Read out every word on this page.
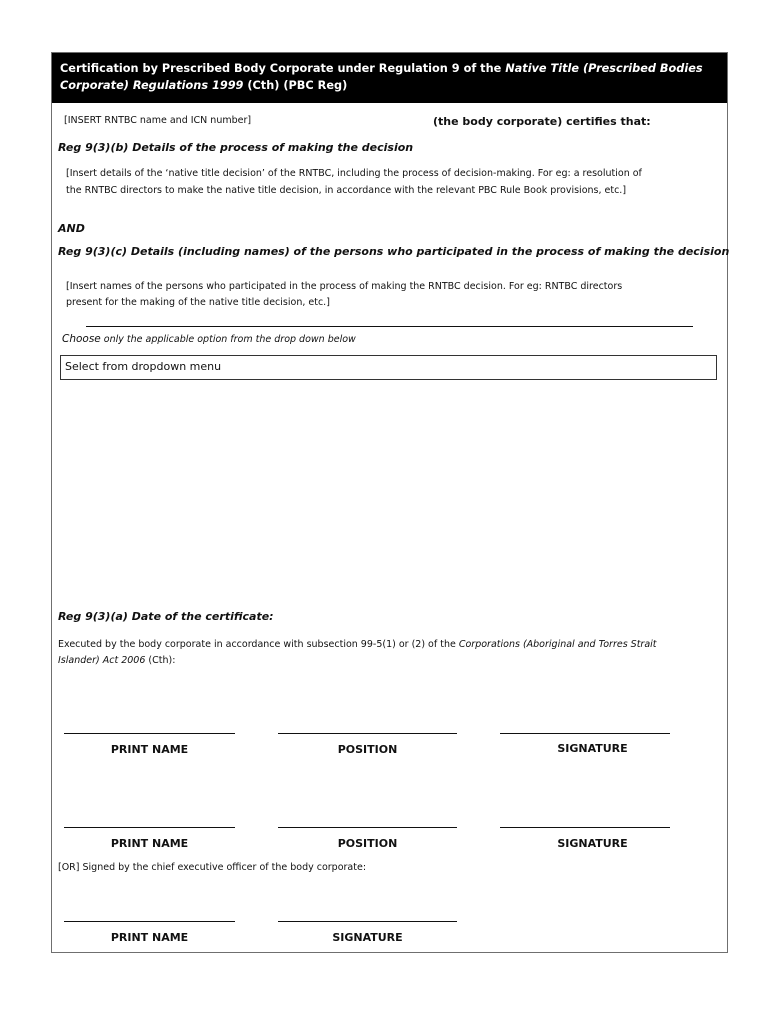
Certification by Prescribed Body Corporate under Regulation 9 of the Native Title (Prescribed Bodies
Corporate) Regulations 1999 (Cth) (PBC Reg)
[INSERT RNTBC name and ICN number]	(the body corporate) certifies that:
Reg 9(3)(b) Details of the process of making the decision
[Insert details of the ‘native title decision’ of the RNTBC, including the process of decision-making. For eg: a resolution of
the RNTBC directors to make the native title decision, in accordance with the relevant PBC Rule Book provisions, etc.]
AND
Reg 9(3)(c) Details (including names) of the persons who participated in the process of making the decision
[Insert names of the persons who participated in the process of making the RNTBC decision. For eg: RNTBC directors
present for the making of the native title decision, etc.]
Choose only the applicable option from the drop down below
Select from dropdown menu
Reg 9(3)(a) Date of the certificate:
Executed by the body corporate in accordance with subsection 99-5(1) or (2) of the Corporations (Aboriginal and Torres Strait
Islander) Act 2006 (Cth):
PRINT NAME	POSITION	SIGNATURE
PRINT NAME	POSITION	SIGNATURE
[OR] Signed by the chief executive officer of the body corporate:
PRINT NAME	SIGNATURE
